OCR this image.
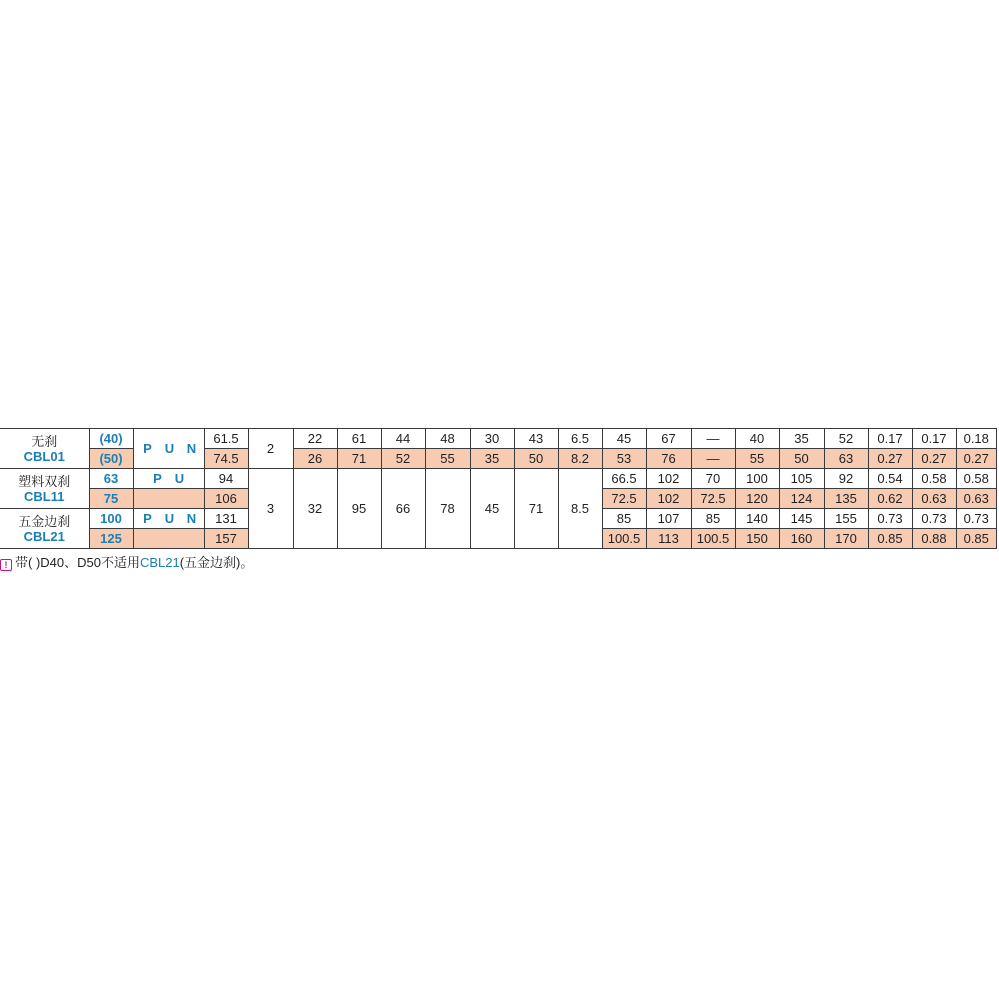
无刹
CBL01	(40)	P U N	61.5	2	22	61	44	48	30	43	6.5	45	67	—	40	35	52	0.17	0.17	0.18
	(50)		74.5		26	71	52	55	35	50	8.2	53	76	—	55	50	63	0.27	0.27	0.27

塑料双刹
CBL11	63	P U	94	3	32	95	66	78	45	71	8.5	66.5	102	70	100	105	92	0.54	0.58	0.58
	75		106									72.5	102	72.5	120	124	135	0.62	0.63	0.63

五金边刹
CBL21	100	P U N	131									85	107	85	140	145	155	0.73	0.73	0.73
	125		157									100.5	113	100.5	150	160	170	0.85	0.88	0.85
! 带( )D40、D50不适用CBL21(五金边刹)。
